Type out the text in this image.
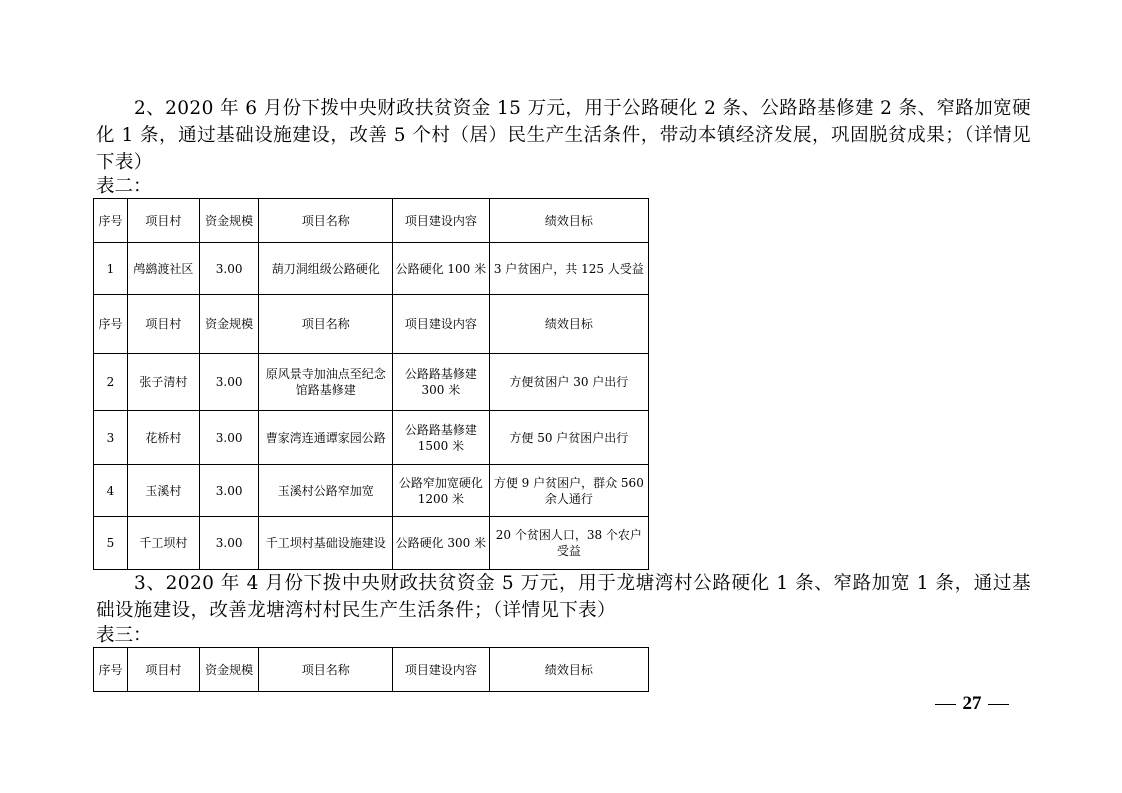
2、2020 年 6 月份下拨中央财政扶贫资金 15 万元，用于公路硬化 2 条、公路路基修建 2 条、窄路加宽硬化 1 条，通过基础设施建设，改善 5 个村（居）民生产生活条件，带动本镇经济发展，巩固脱贫成果；（详情见下表）

表二：
序号	项目村	资金规模	项目名称	项目建设内容	绩效目标
1	鸬鹚渡社区	3.00	葫刀洞组级公路硬化	公路硬化 100 米	3 户贫困户，共 125 人受益
序号	项目村	资金规模	项目名称	项目建设内容	绩效目标
2	张子清村	3.00	原风景寺加油点至纪念馆路基修建	公路路基修建 300 米	方便贫困户 30 户出行
3	花桥村	3.00	曹家湾连通谭家园公路	公路路基修建 1500 米	方便 50 户贫困户出行
4	玉溪村	3.00	玉溪村公路窄加宽	公路窄加宽硬化 1200 米	方便 9 户贫困户，群众 560 余人通行
5	千工坝村	3.00	千工坝村基础设施建设	公路硬化 300 米	20 个贫困人口，38 个农户受益

3、2020 年 4 月份下拨中央财政扶贫资金 5 万元，用于龙塘湾村公路硬化 1 条、窄路加宽 1 条，通过基础设施建设，改善龙塘湾村村民生产生活条件；（详情见下表）

表三：
序号	项目村	资金规模	项目名称	项目建设内容	绩效目标
27
